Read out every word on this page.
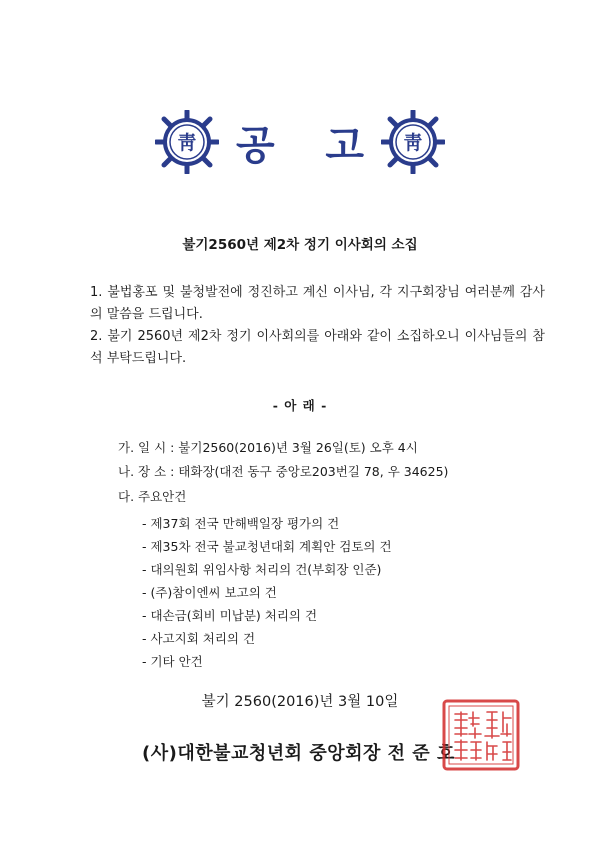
靑 공 고 靑
불기2560년 제2차 정기 이사회의 소집
1. 불법홍포 및 불청발전에 정진하고 계신 이사님, 각 지구회장님 여러분께 감사의 말씀을 드립니다.
2. 불기 2560년 제2차 정기 이사회의를 아래와 같이 소집하오니 이사님들의 참석 부탁드립니다.
- 아 래 -
가. 일 시 : 불기2560(2016)년 3월 26일(토) 오후 4시
나. 장 소 : 태화장(대전 동구 중앙로203번길 78, 우 34625)
다. 주요안건
- 제37회 전국 만해백일장 평가의 건
- 제35차 전국 불교청년대회 계획안 검토의 건
- 대의원회 위임사항 처리의 건(부회장 인준)
- (주)참이엔씨 보고의 건
- 대손금(회비 미납분) 처리의 건
- 사고지회 처리의 건
- 기타 안건
불기 2560(2016)년 3월 10일
(사)대한불교청년회 중앙회장 전 준 호
